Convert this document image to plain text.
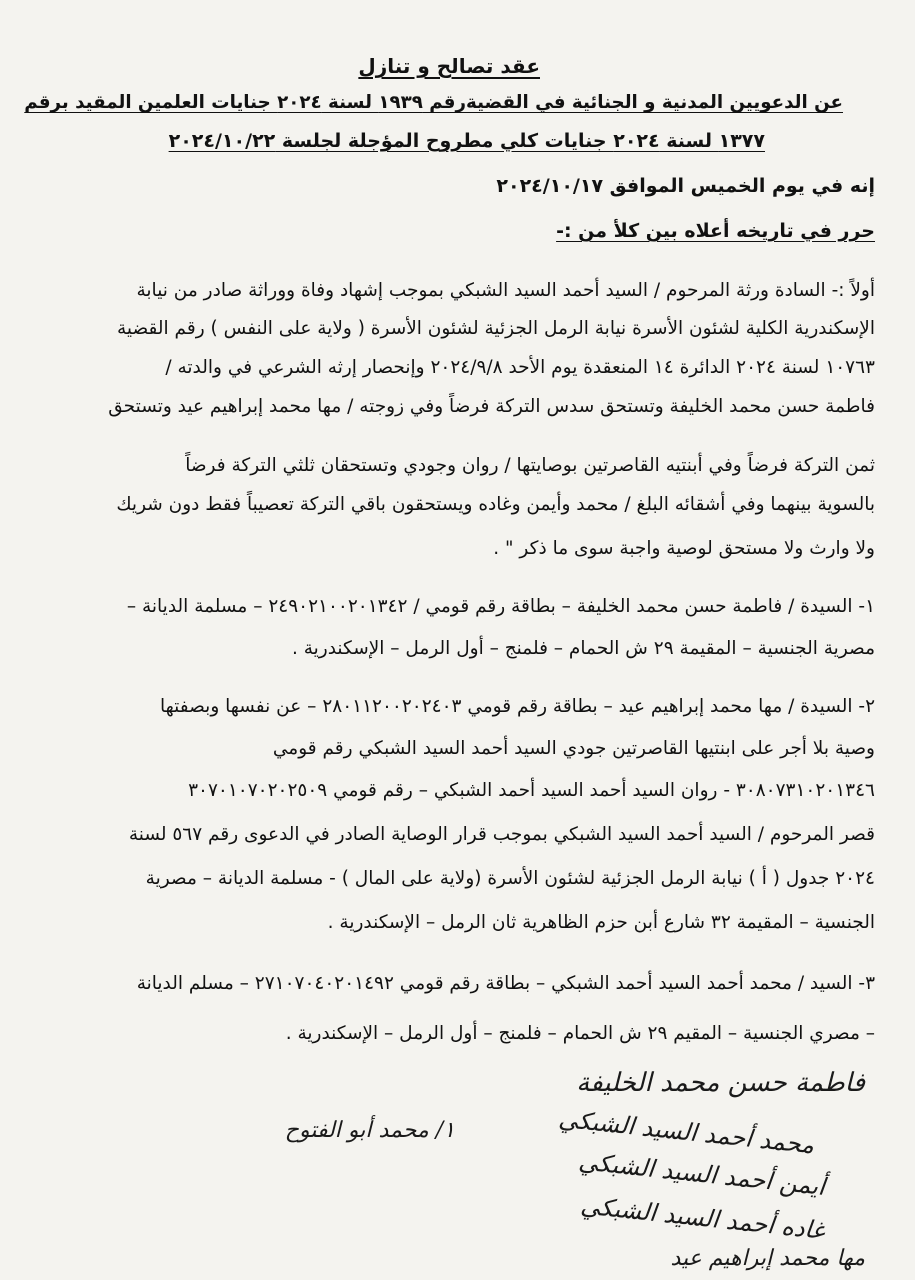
عقد تصالح و تنازل
عن الدعويين المدنية و الجنائية في القضيةرقم ١٩٣٩ لسنة ٢٠٢٤ جنايات العلمين المقيد برقم
١٣٧٧ لسنة ٢٠٢٤ جنايات كلي مطروح المؤجلة لجلسة ٢٠٢٤/١٠/٢٢
إنه في يوم الخميس الموافق ٢٠٢٤/١٠/١٧
حرر في تاريخه أعلاه بين كلأ من :-
أولاً :- السادة ورثة المرحوم / السيد أحمد السيد الشبكي بموجب إشهاد وفاة ووراثة صادر من نيابة
الإسكندرية الكلية لشئون الأسرة نيابة الرمل الجزئية لشئون الأسرة ( ولاية على النفس ) رقم القضية
١٠٧٦٣ لسنة ٢٠٢٤ الدائرة ١٤ المنعقدة يوم الأحد ٢٠٢٤/٩/٨ وإنحصار إرثه الشرعي في والدته /
فاطمة حسن محمد الخليفة وتستحق سدس التركة فرضاً وفي زوجته / مها محمد إبراهيم عيد وتستحق
ثمن التركة فرضاً وفي أبنتيه القاصرتين بوصايتها / روان وجودي وتستحقان ثلثي التركة فرضاً
بالسوية بينهما وفي أشقائه البلغ / محمد وأيمن وغاده ويستحقون باقي التركة تعصيباً فقط دون شريك
ولا وارث ولا مستحق لوصية واجبة سوى ما ذكر " .
١- السيدة / فاطمة حسن محمد الخليفة – بطاقة رقم قومي / ٢٤٩٠٢١٠٠٢٠١٣٤٢ – مسلمة الديانة –
مصرية الجنسية – المقيمة ٢٩ ش الحمام – فلمنج – أول الرمل – الإسكندرية .
٢- السيدة / مها محمد إبراهيم عيد – بطاقة رقم قومي ٢٨٠١١٢٠٠٢٠٢٤٠٣ – عن نفسها وبصفتها
وصية بلا أجر على ابنتيها القاصرتين جودي السيد أحمد السيد الشبكي رقم قومي
٣٠٨٠٧٣١٠٢٠١٣٤٦ - روان السيد أحمد السيد أحمد الشبكي – رقم قومي ٣٠٧٠١٠٧٠٢٠٢٥٠٩
قصر المرحوم / السيد أحمد السيد الشبكي بموجب قرار الوصاية الصادر في الدعوى رقم ٥٦٧ لسنة
٢٠٢٤ جدول ( أ ) نيابة الرمل الجزئية لشئون الأسرة (ولاية على المال ) - مسلمة الديانة – مصرية
الجنسية – المقيمة ٣٢ شارع أبن حزم الظاهرية ثان الرمل – الإسكندرية .
٣- السيد / محمد أحمد السيد أحمد الشبكي – بطاقة رقم قومي ٢٧١٠٧٠٤٠٢٠١٤٩٢ – مسلم الديانة
– مصري الجنسية – المقيم ٢٩ ش الحمام – فلمنج – أول الرمل – الإسكندرية .
١/ محمد أبو الفتوح
فاطمة حسن محمد الخليفة
محمد أحمد السيد الشبكي
أيمن أحمد السيد الشبكي
غاده أحمد السيد الشبكي
مها محمد إبراهيم عيد
